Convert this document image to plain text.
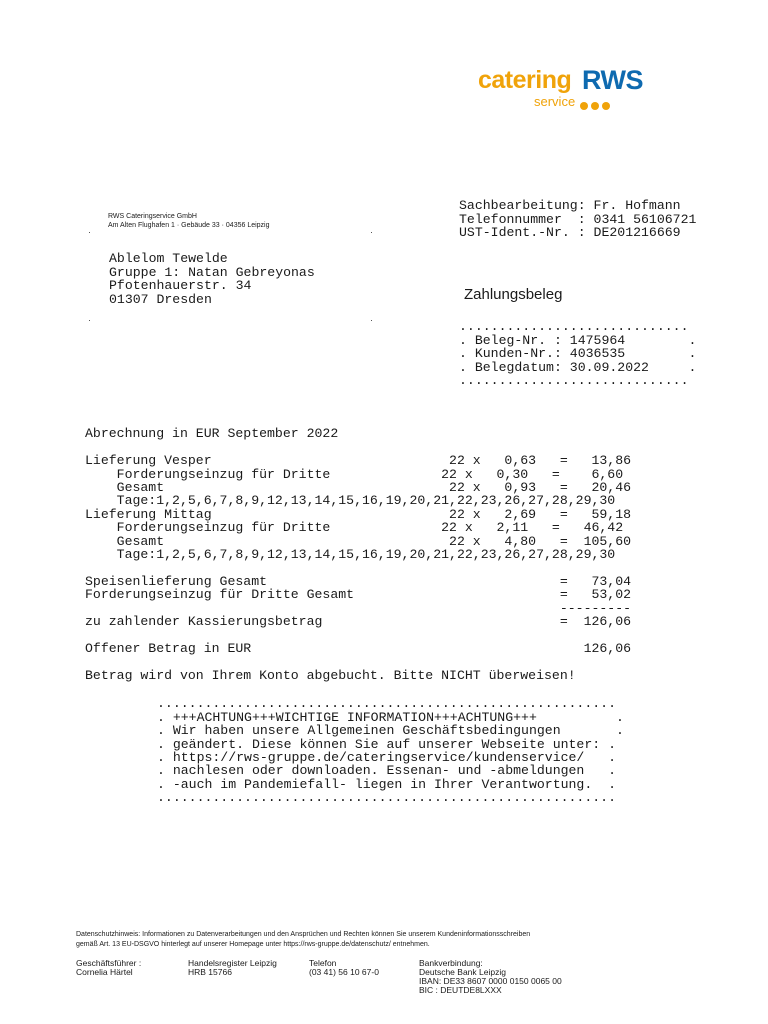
catering RWS
service
RWS Cateringservice GmbH
Am Alten Flughafen 1 · Gebäude 33 · 04356 Leipzig

Ablelom Tewelde
Gruppe 1: Natan Gebreyonas
Pfotenhauerstr. 34
01307 Dresden

Sachbearbeitung: Fr. Hofmann
Telefonnummer  : 0341 56106721
UST-Ident.-Nr. : DE201216669

Zahlungsbeleg

.............................
. Beleg-Nr. : 1475964        .
. Kunden-Nr.: 4036535        .
. Belegdatum: 30.09.2022     .
.............................

Abrechnung in EUR September 2022

Lieferung Vesper                              22 x   0,63   =   13,86
Forderungseinzug für Dritte              22 x   0,30   =    6,60
Gesamt                                    22 x   0,93   =   20,46
Tage:1,2,5,6,7,8,9,12,13,14,15,16,19,20,21,22,23,26,27,28,29,30
Lieferung Mittag                              22 x   2,69   =   59,18
Forderungseinzug für Dritte              22 x   2,11   =   46,42
Gesamt                                    22 x   4,80   =  105,60
Tage:1,2,5,6,7,8,9,12,13,14,15,16,19,20,21,22,23,26,27,28,29,30

Speisenlieferung Gesamt                                     =   73,04
Forderungseinzug für Dritte Gesamt                          =   53,02
---------
zu zahlender Kassierungsbetrag                              =  126,06

Offener Betrag in EUR                                          126,06

Betrag wird von Ihrem Konto abgebucht. Bitte NICHT überweisen!

..........................................................
. +++ACHTUNG+++WICHTIGE INFORMATION+++ACHTUNG+++          .
. Wir haben unsere Allgemeinen Geschäftsbedingungen       .
. geändert. Diese können Sie auf unserer Webseite unter: .
. https://rws-gruppe.de/cateringservice/kundenservice/   .
. nachlesen oder downloaden. Essenan- und -abmeldungen   .
. -auch im Pandemiefall- liegen in Ihrer Verantwortung.  .
..........................................................

Datenschutzhinweis: Informationen zu Datenverarbeitungen und den Ansprüchen und Rechten können Sie unserem Kundeninformationsschreiben
gemäß Art. 13 EU-DSGVO hinterlegt auf unserer Homepage unter https://rws-gruppe.de/datenschutz/ entnehmen.
Geschäftsführer :
Cornelia Härtel
Handelsregister Leipzig
HRB 15766
Telefon
(03 41) 56 10 67-0
Bankverbindung:
Deutsche Bank Leipzig
IBAN: DE33 8607 0000 0150 0065 00
BIC : DEUTDE8LXXX
